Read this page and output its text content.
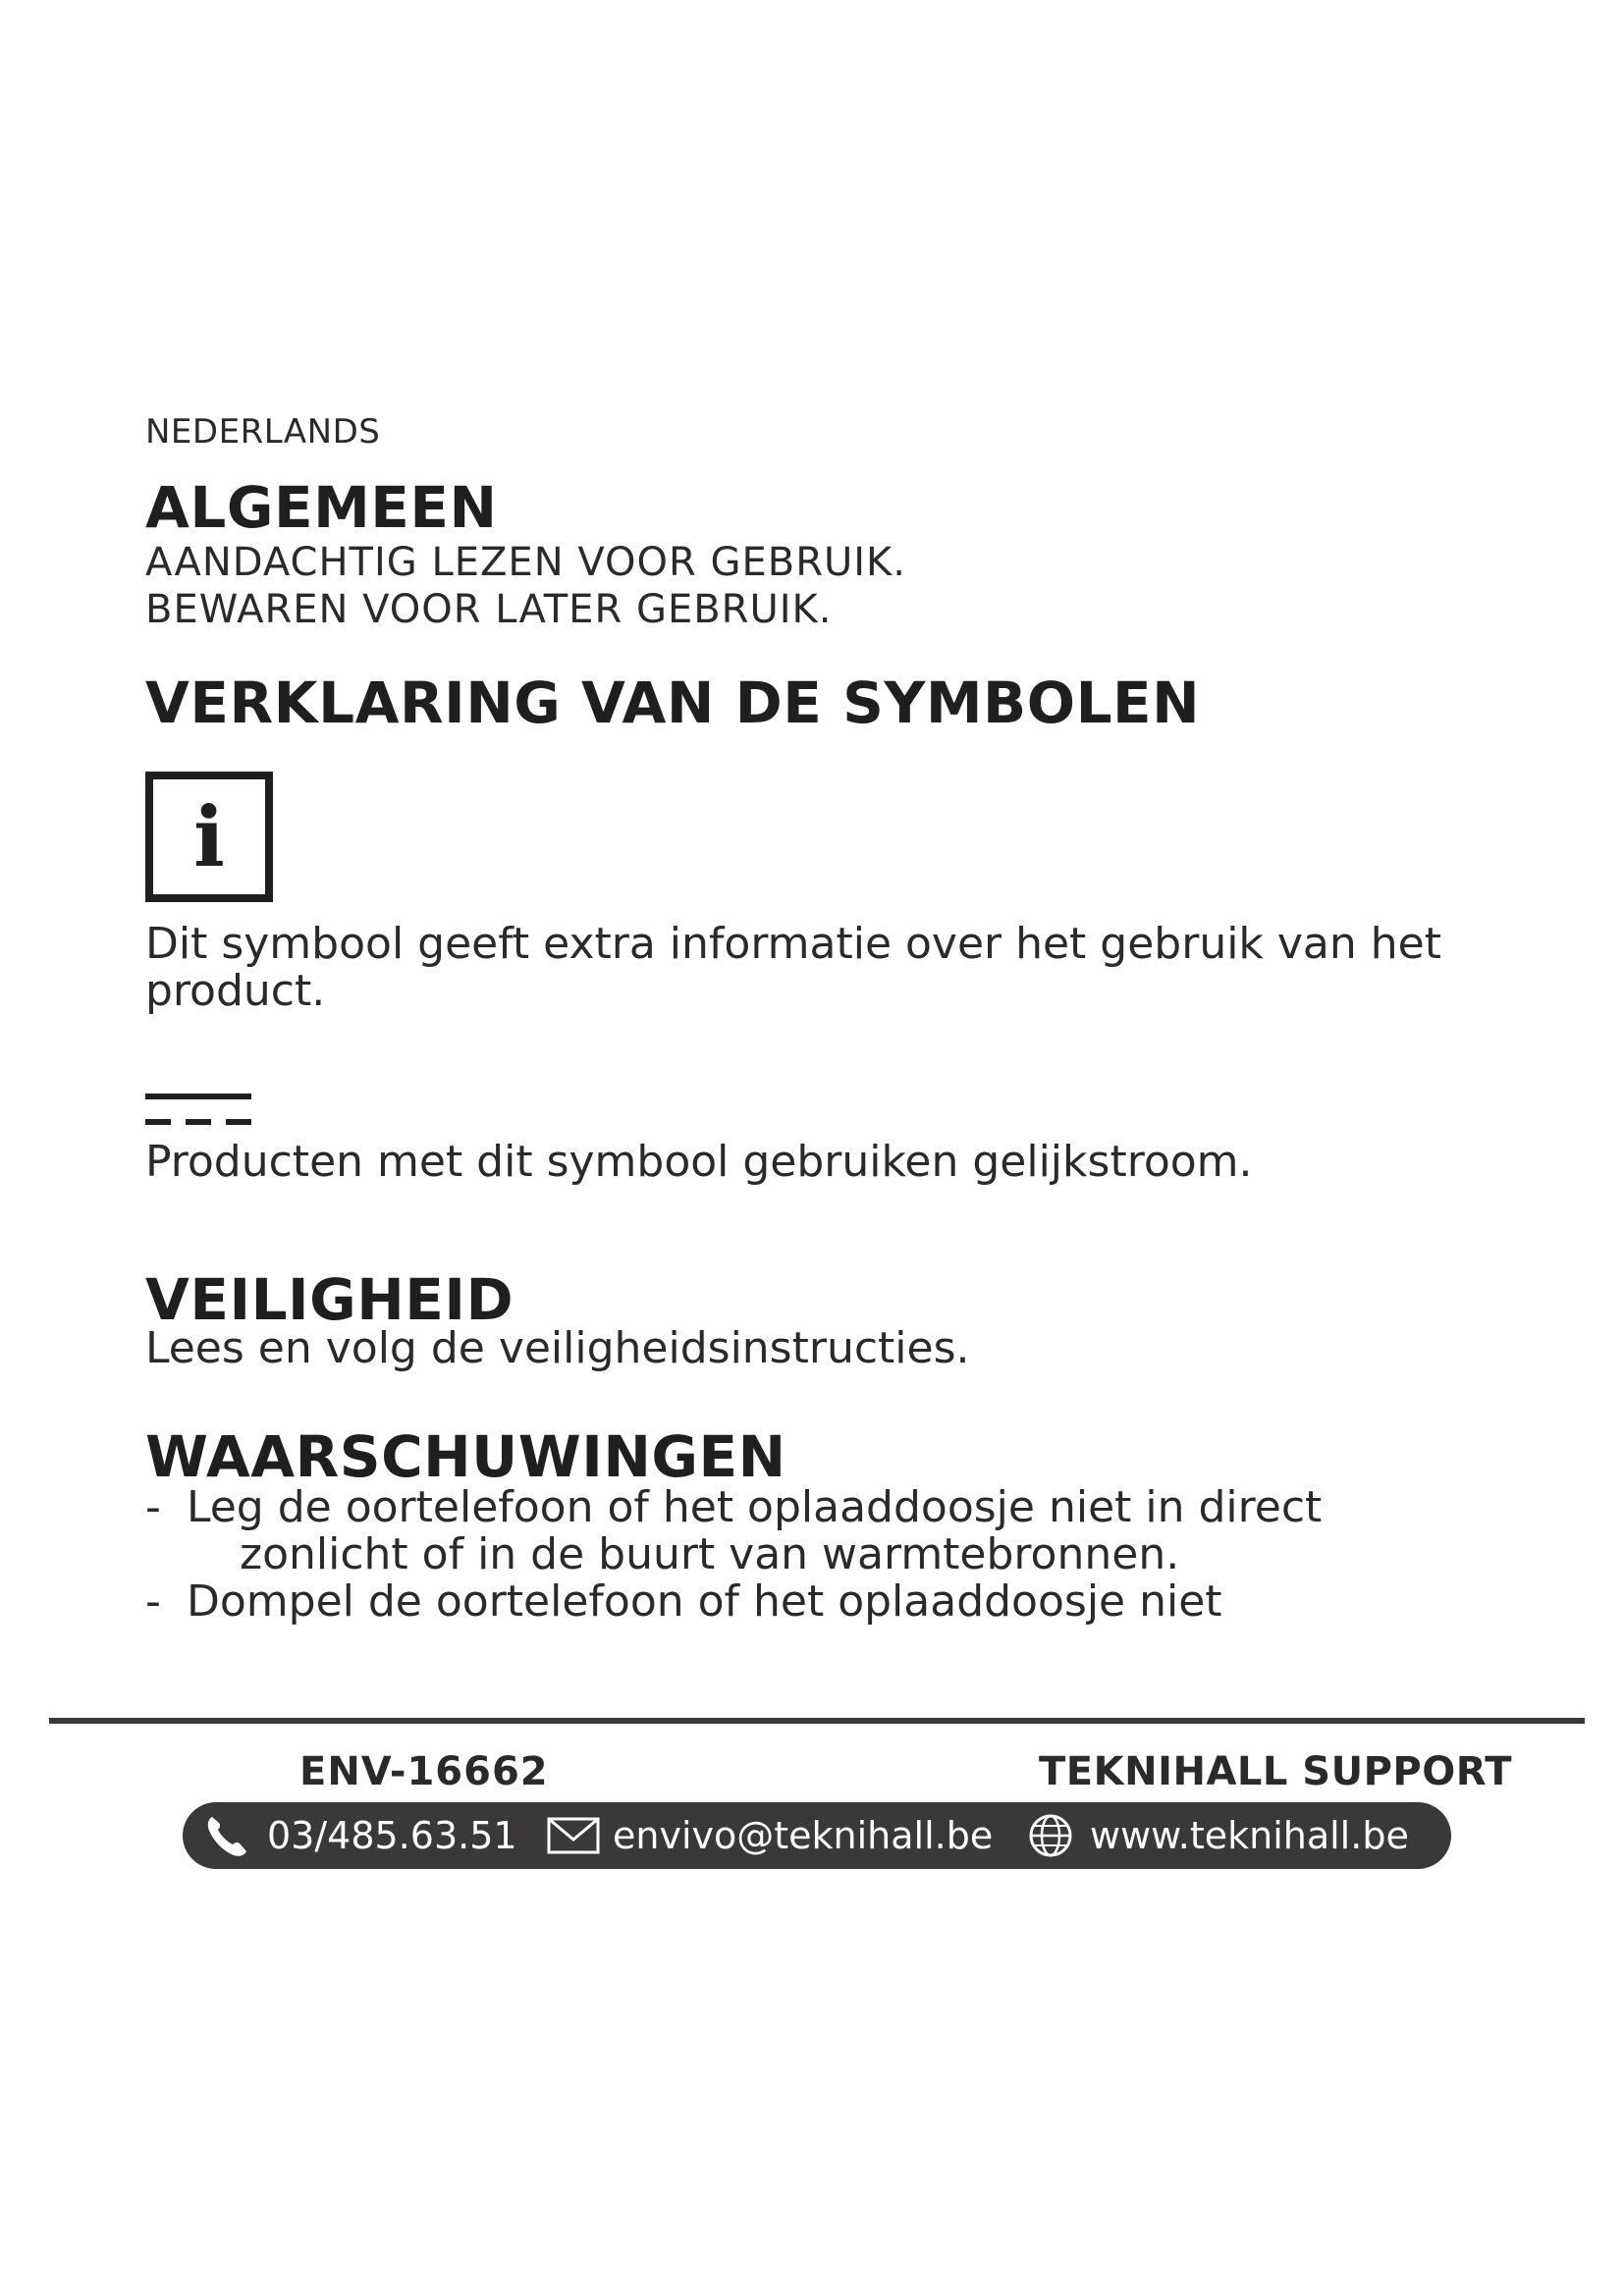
NEDERLANDS
ALGEMEEN
AANDACHTIG LEZEN VOOR GEBRUIK.
BEWAREN VOOR LATER GEBRUIK.
VERKLARING VAN DE SYMBOLEN
i
Dit symbool geeft extra informatie over het gebruik van het product.
Producten met dit symbool gebruiken gelijkstroom.
VEILIGHEID
Lees en volg de veiligheidsinstructies.
WAARSCHUWINGEN
- Leg de oortelefoon of het oplaaddoosje niet in direct
zonlicht of in de buurt van warmtebronnen.
- Dompel de oortelefoon of het oplaaddoosje niet
ENV-16662	TEKNIHALL SUPPORT
03/485.63.51	envivo@teknihall.be	www.teknihall.be
